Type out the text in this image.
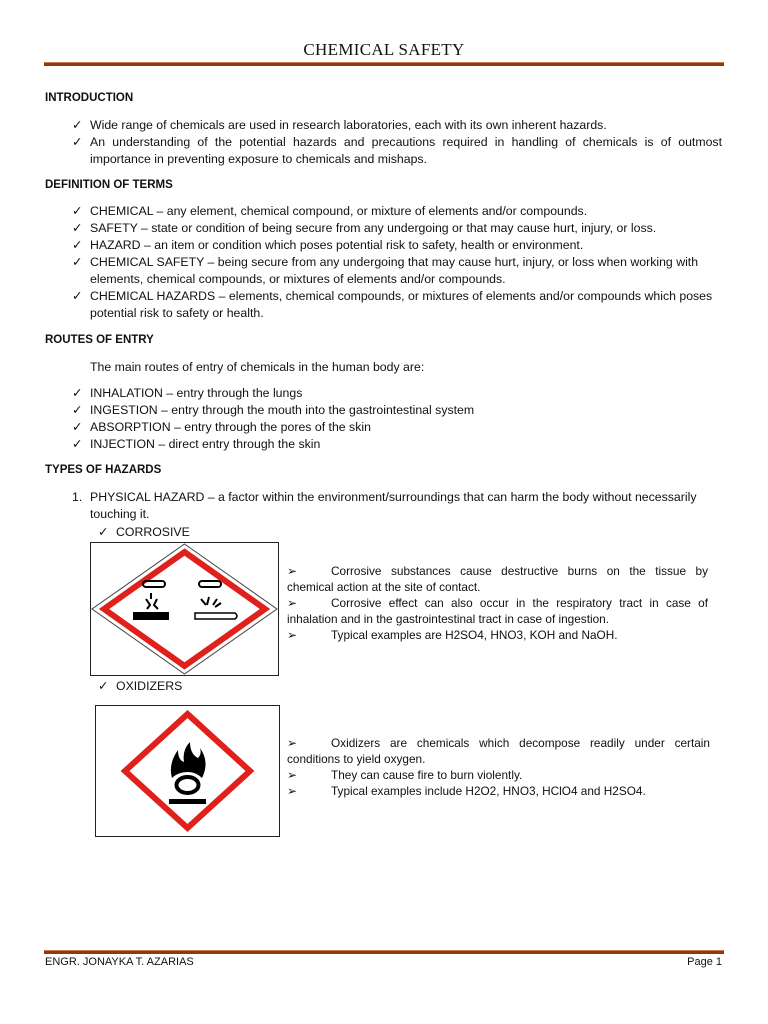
CHEMICAL SAFETY
INTRODUCTION
✓ Wide range of chemicals are used in research laboratories, each with its own inherent hazards.
✓ An understanding of the potential hazards and precautions required in handling of chemicals is of outmost importance in preventing exposure to chemicals and mishaps.
DEFINITION OF TERMS
✓ CHEMICAL – any element, chemical compound, or mixture of elements and/or compounds.
✓ SAFETY – state or condition of being secure from any undergoing or that may cause hurt, injury, or loss.
✓ HAZARD – an item or condition which poses potential risk to safety, health or environment.
✓ CHEMICAL SAFETY – being secure from any undergoing that may cause hurt, injury, or loss when working with elements, chemical compounds, or mixtures of elements and/or compounds.
✓ CHEMICAL HAZARDS – elements, chemical compounds, or mixtures of elements and/or compounds which poses potential risk to safety or health.
ROUTES OF ENTRY
The main routes of entry of chemicals in the human body are:
✓ INHALATION – entry through the lungs
✓ INGESTION – entry through the mouth into the gastrointestinal system
✓ ABSORPTION – entry through the pores of the skin
✓ INJECTION – direct entry through the skin
TYPES OF HAZARDS
1. PHYSICAL HAZARD – a factor within the environment/surroundings that can harm the body without necessarily touching it.
✓ CORROSIVE
➢	Corrosive substances cause destructive burns on the tissue by chemical action at the site of contact.
➢	Corrosive effect can also occur in the respiratory tract in case of inhalation and in the gastrointestinal tract in case of ingestion.
➢	Typical examples are H2SO4, HNO3, KOH and NaOH.
✓ OXIDIZERS
➢	Oxidizers are chemicals which decompose readily under certain conditions to yield oxygen.
➢	They can cause fire to burn violently.
➢	Typical examples include H2O2, HNO3, HClO4 and H2SO4.
ENGR. JONAYKA T. AZARIAS	Page 1
